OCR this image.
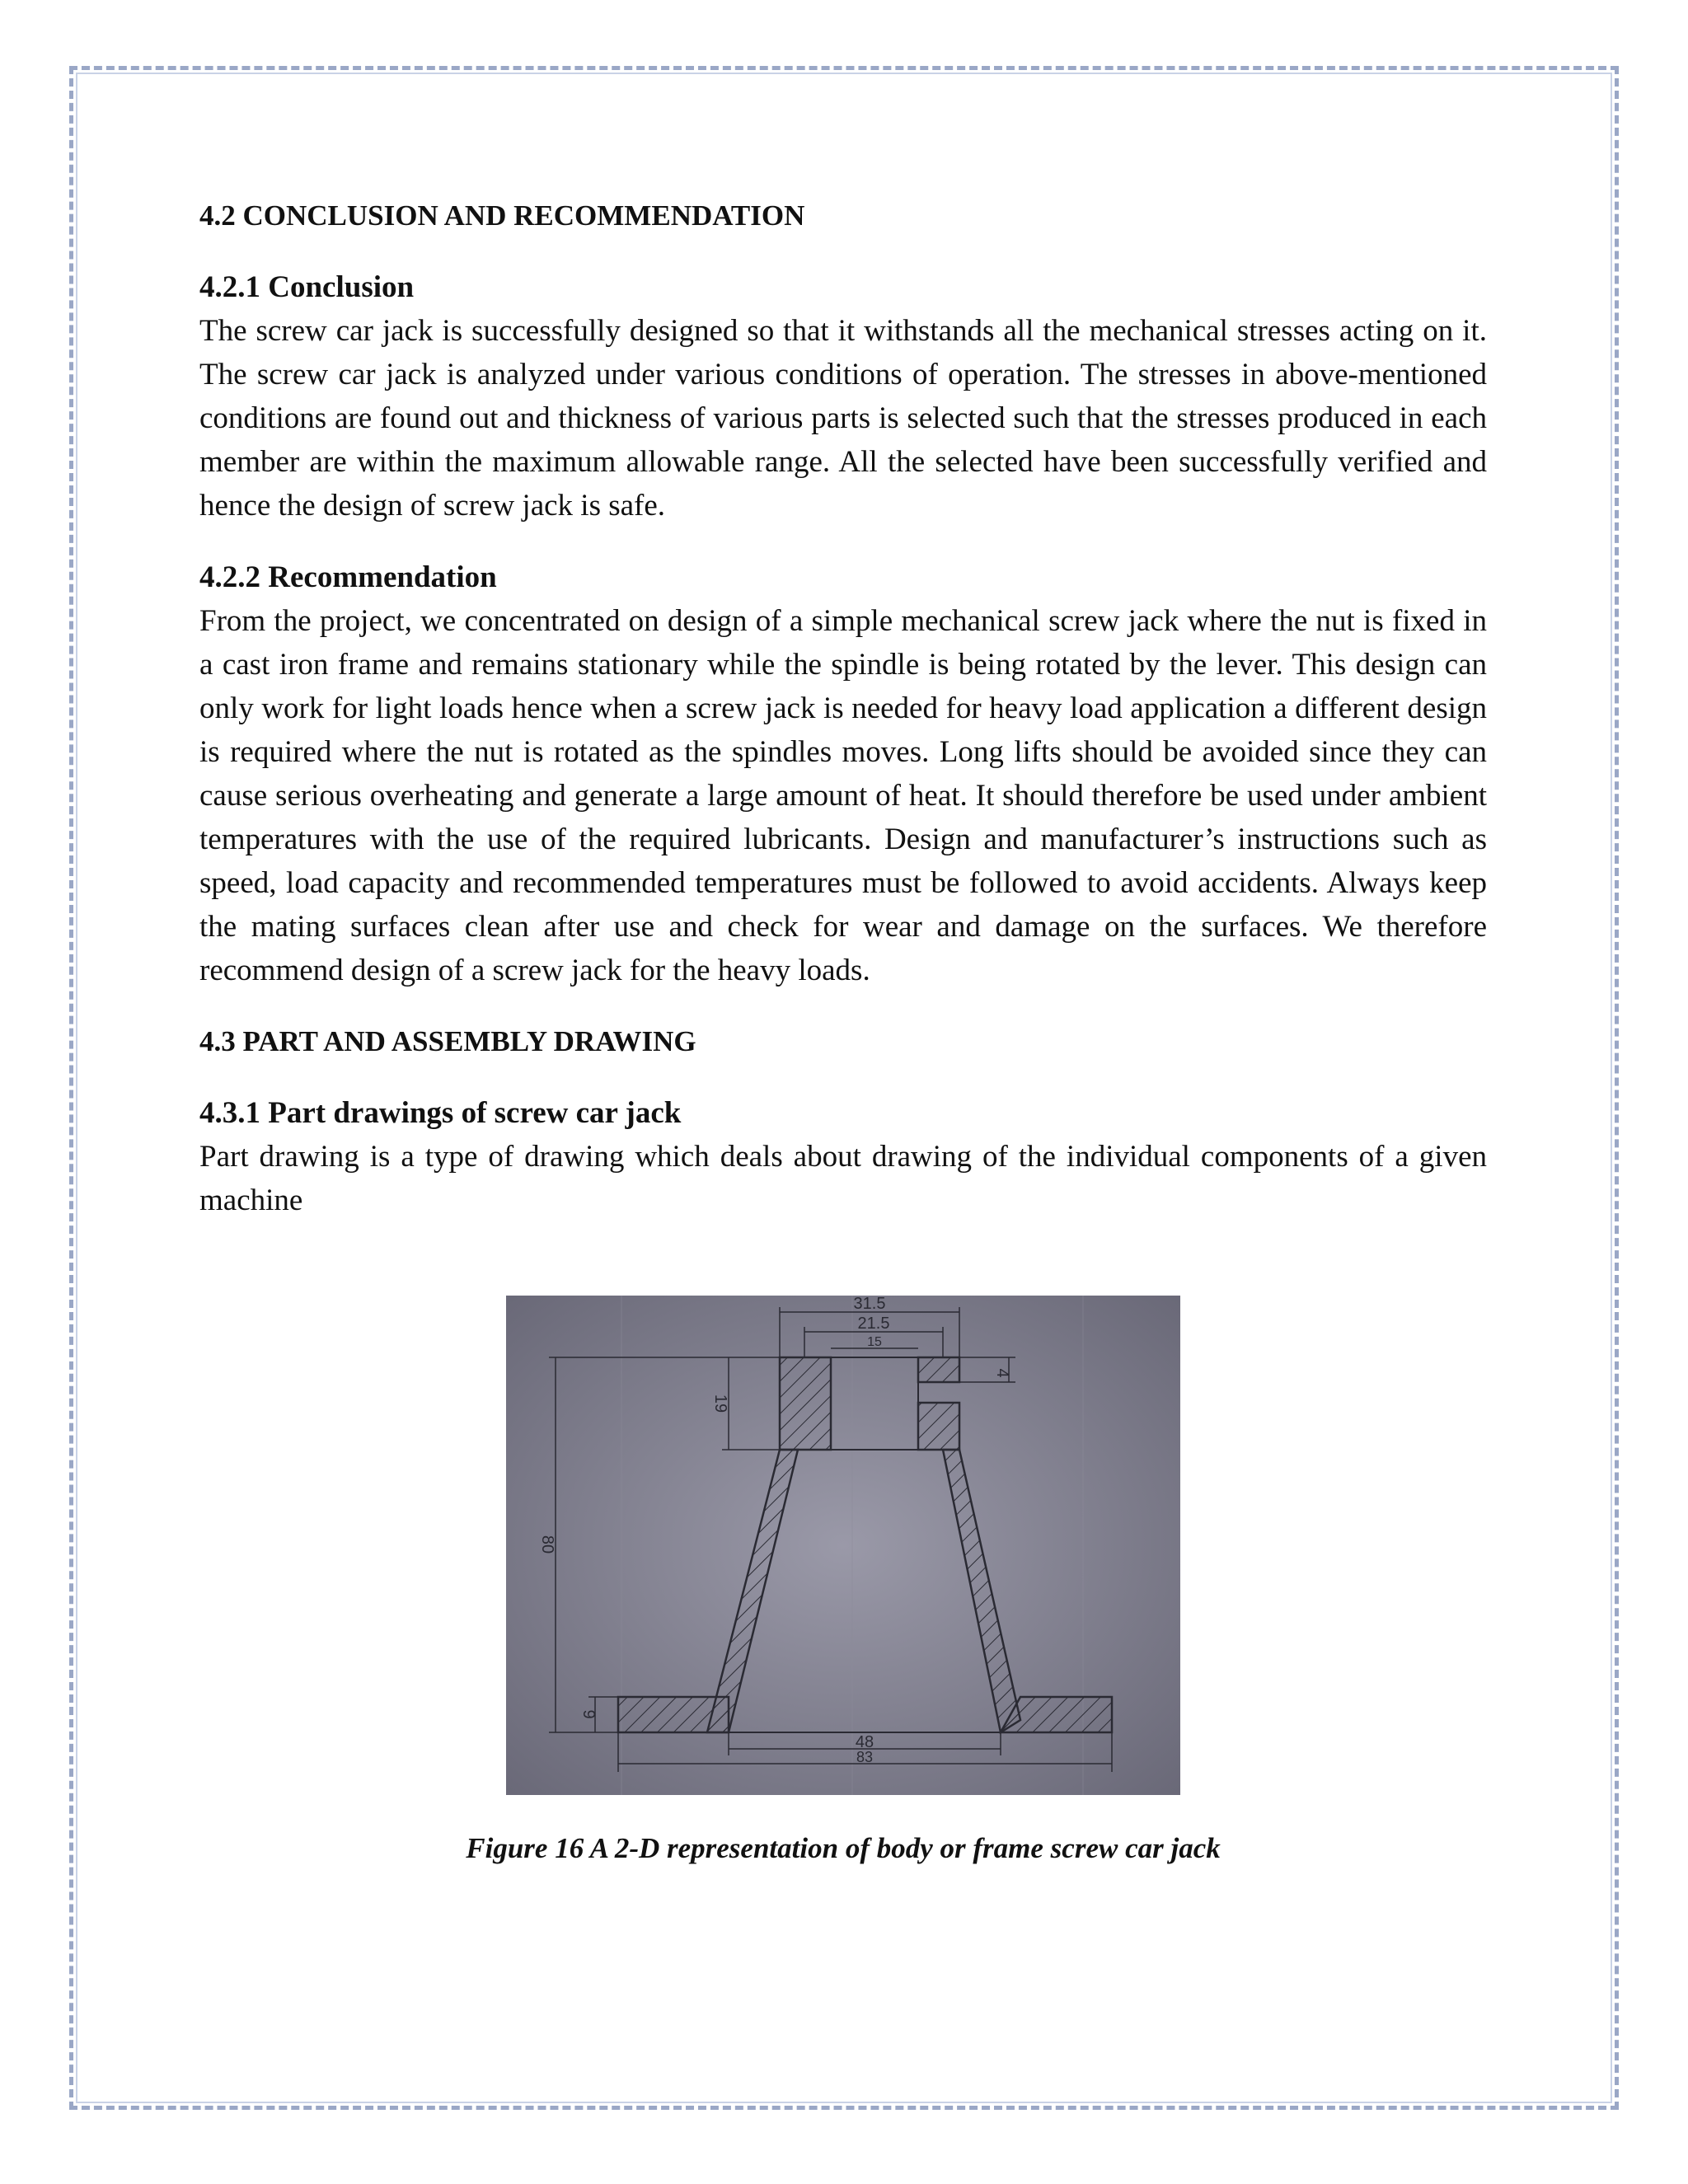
4.2 CONCLUSION AND RECOMMENDATION
4.2.1 Conclusion

The screw car jack is successfully designed so that it withstands all the mechanical stresses acting on it. The screw car jack is analyzed under various conditions of operation. The stresses in above-mentioned conditions are found out and thickness of various parts is selected such that the stresses produced in each member are within the maximum allowable range. All the selected have been successfully verified and hence the design of screw jack is safe.

4.2.2 Recommendation

From the project, we concentrated on design of a simple mechanical screw jack where the nut is fixed in a cast iron frame and remains stationary while the spindle is being rotated by the lever. This design can only work for light loads hence when a screw jack is needed for heavy load application a different design is required where the nut is rotated as the spindles moves. Long lifts should be avoided since they can cause serious overheating and generate a large amount of heat. It should therefore be used under ambient temperatures with the use of the required lubricants. Design and manufacturer’s instructions such as speed, load capacity and recommended temperatures must be followed to avoid accidents. Always keep the mating surfaces clean after use and check for wear and damage on the surfaces. We therefore recommend design of a screw jack for the heavy loads.

4.3 PART AND ASSEMBLY DRAWING
4.3.1 Part drawings of screw car jack

Part drawing is a type of drawing which deals about drawing of the individual components of a given machine

31.5
21.5
15
4
19
80
9
48
83
Figure 16 A 2-D representation of body or frame screw car jack
